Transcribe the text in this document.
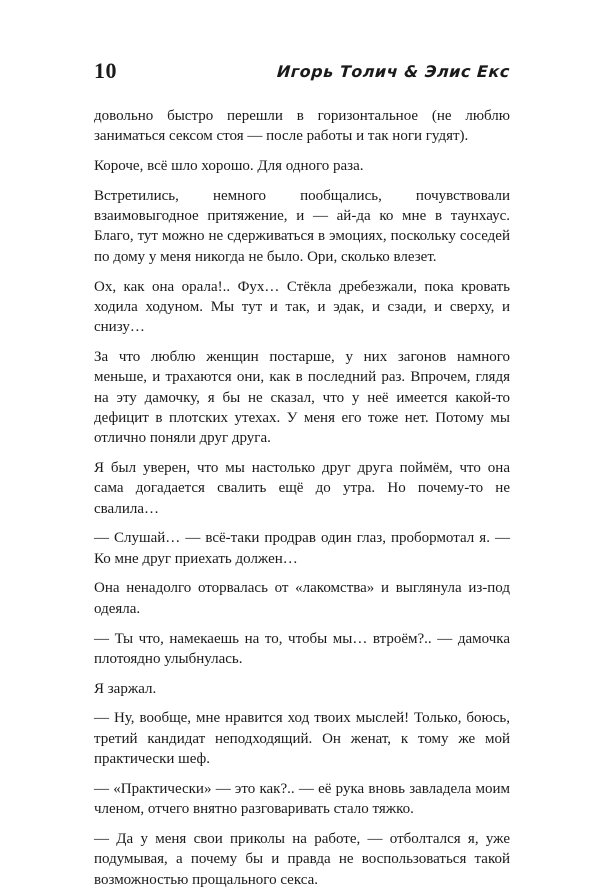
10	Игорь Толич & Элис Екс

довольно быстро перешли в горизонтальное (не люблю заниматься сексом стоя — после работы и так ноги гудят).

Короче, всё шло хорошо. Для одного раза.

Встретились, немного пообщались, почувствовали взаимовыгодное притяжение, и — ай-да ко мне в таунхаус. Благо, тут можно не сдерживаться в эмоциях, поскольку соседей по дому у меня никогда не было. Ори, сколько влезет.

Ох, как она орала!.. Фух… Стёкла дребезжали, пока кровать ходила ходуном. Мы тут и так, и эдак, и сзади, и сверху, и снизу…

За что люблю женщин постарше, у них загонов намного меньше, и трахаются они, как в последний раз. Впрочем, глядя на эту дамочку, я бы не сказал, что у неё имеется какой-то дефицит в плотских утехах. У меня его тоже нет. Потому мы отлично поняли друг друга.

Я был уверен, что мы настолько друг друга поймём, что она сама догадается свалить ещё до утра. Но почему-то не свалила…

— Слушай… — всё-таки продрав один глаз, пробормотал я. — Ко мне друг приехать должен…

Она ненадолго оторвалась от «лакомства» и выглянула из-под одеяла.

— Ты что, намекаешь на то, чтобы мы… втроём?.. — дамочка плотоядно улыбнулась.

Я заржал.

— Ну, вообще, мне нравится ход твоих мыслей! Только, боюсь, третий кандидат неподходящий. Он женат, к тому же мой практически шеф.

— «Практически» — это как?.. — её рука вновь завладела моим членом, отчего внятно разговаривать стало тяжко.

— Да у меня свои приколы на работе, — отболтался я, уже подумывая, а почему бы и правда не воспользоваться такой возможностью прощального секса.
